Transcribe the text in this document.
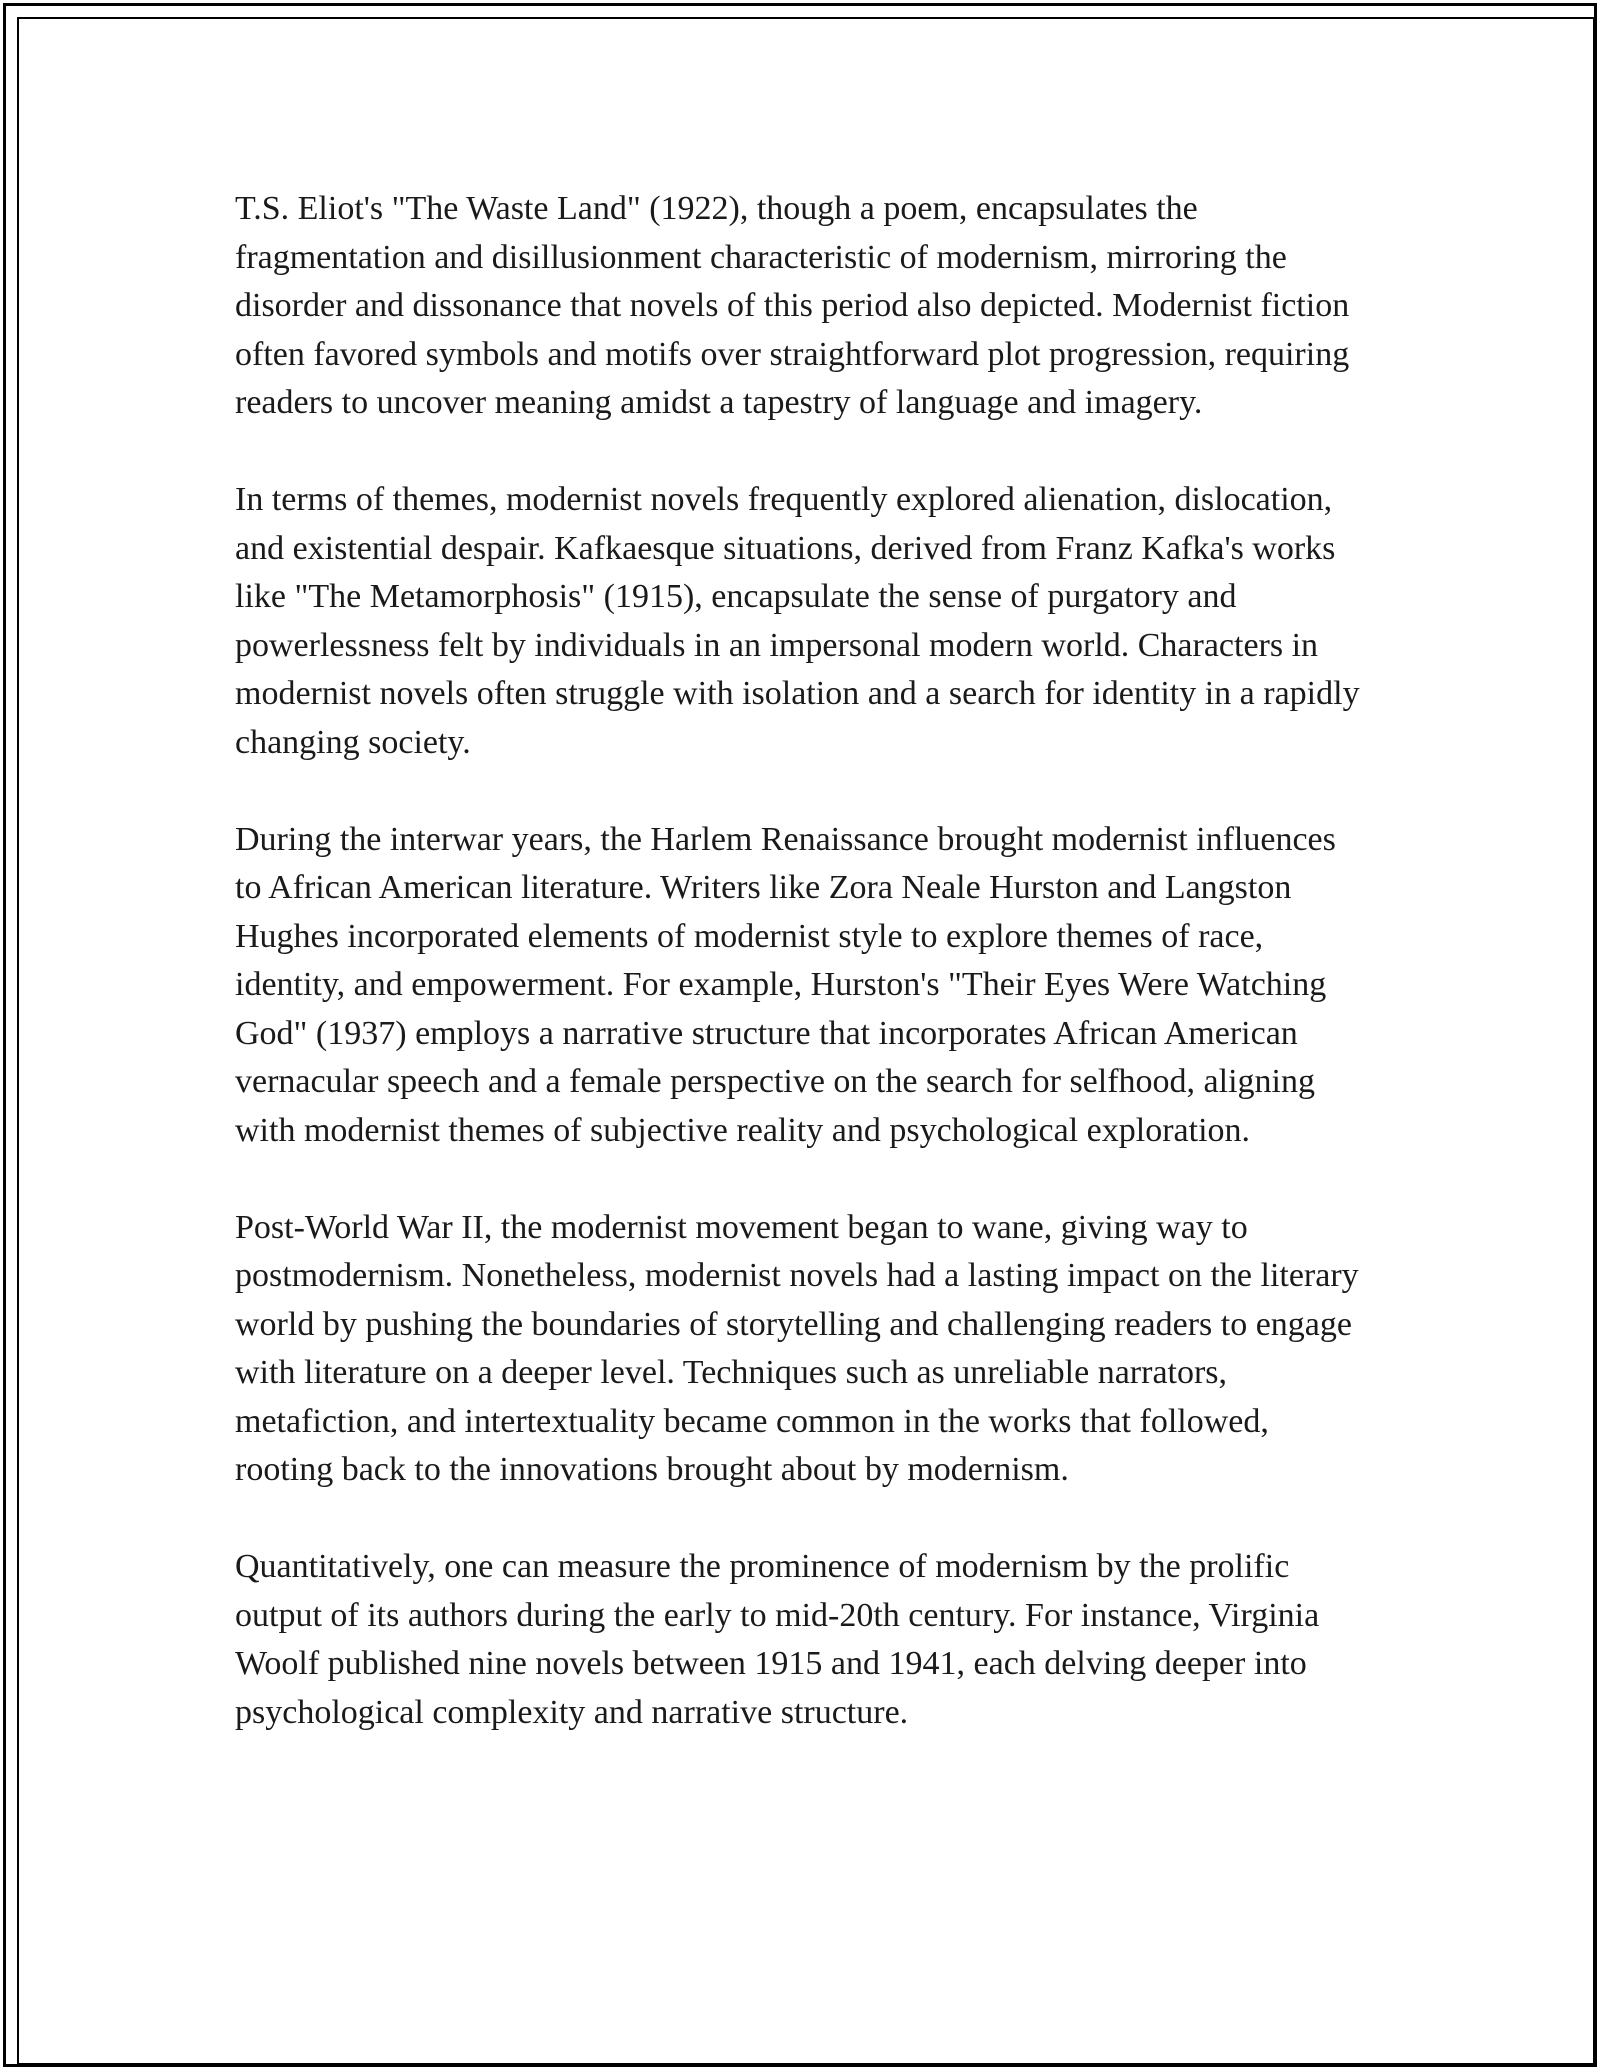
T.S. Eliot's "The Waste Land" (1922), though a poem, encapsulates the fragmentation and disillusionment characteristic of modernism, mirroring the disorder and dissonance that novels of this period also depicted. Modernist fiction often favored symbols and motifs over straightforward plot progression, requiring readers to uncover meaning amidst a tapestry of language and imagery.

In terms of themes, modernist novels frequently explored alienation, dislocation, and existential despair. Kafkaesque situations, derived from Franz Kafka's works like "The Metamorphosis" (1915), encapsulate the sense of purgatory and powerlessness felt by individuals in an impersonal modern world. Characters in modernist novels often struggle with isolation and a search for identity in a rapidly changing society.

During the interwar years, the Harlem Renaissance brought modernist influences to African American literature. Writers like Zora Neale Hurston and Langston Hughes incorporated elements of modernist style to explore themes of race, identity, and empowerment. For example, Hurston's "Their Eyes Were Watching God" (1937) employs a narrative structure that incorporates African American vernacular speech and a female perspective on the search for selfhood, aligning with modernist themes of subjective reality and psychological exploration.

Post-World War II, the modernist movement began to wane, giving way to postmodernism. Nonetheless, modernist novels had a lasting impact on the literary world by pushing the boundaries of storytelling and challenging readers to engage with literature on a deeper level. Techniques such as unreliable narrators, metafiction, and intertextuality became common in the works that followed, rooting back to the innovations brought about by modernism.

Quantitatively, one can measure the prominence of modernism by the prolific output of its authors during the early to mid-20th century. For instance, Virginia Woolf published nine novels between 1915 and 1941, each delving deeper into psychological complexity and narrative structure.
